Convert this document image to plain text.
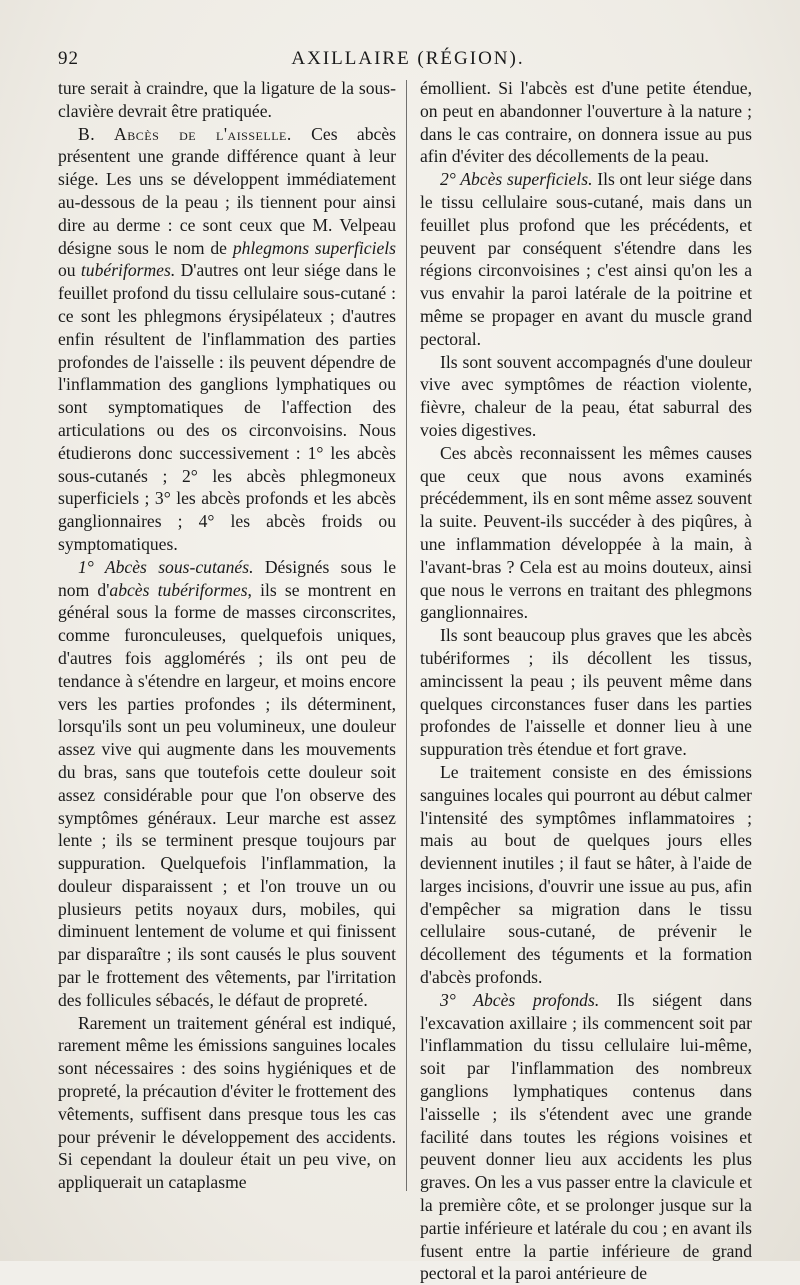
92	AXILLAIRE (RÉGION).

ture serait à craindre, que la ligature de la sous-clavière devrait être pratiquée.

B. Abcès de l'aisselle. Ces abcès présentent une grande différence quant à leur siége. Les uns se développent immédiatement au-dessous de la peau ; ils tiennent pour ainsi dire au derme : ce sont ceux que M. Velpeau désigne sous le nom de phlegmons superficiels ou tubériformes. D'autres ont leur siége dans le feuillet profond du tissu cellulaire sous-cutané : ce sont les phlegmons érysipélateux ; d'autres enfin résultent de l'inflammation des parties profondes de l'aisselle : ils peuvent dépendre de l'inflammation des ganglions lymphatiques ou sont symptomatiques de l'affection des articulations ou des os circonvoisins. Nous étudierons donc successivement : 1° les abcès sous-cutanés ; 2° les abcès phlegmoneux superficiels ; 3° les abcès profonds et les abcès ganglionnaires ; 4° les abcès froids ou symptomatiques.

1° Abcès sous-cutanés. Désignés sous le nom d'abcès tubériformes, ils se montrent en général sous la forme de masses circonscrites, comme furonculeuses, quelquefois uniques, d'autres fois agglomérés ; ils ont peu de tendance à s'étendre en largeur, et moins encore vers les parties profondes ; ils déterminent, lorsqu'ils sont un peu volumineux, une douleur assez vive qui augmente dans les mouvements du bras, sans que toutefois cette douleur soit assez considérable pour que l'on observe des symptômes généraux. Leur marche est assez lente ; ils se terminent presque toujours par suppuration. Quelquefois l'inflammation, la douleur disparaissent ; et l'on trouve un ou plusieurs petits noyaux durs, mobiles, qui diminuent lentement de volume et qui finissent par disparaître ; ils sont causés le plus souvent par le frottement des vêtements, par l'irritation des follicules sébacés, le défaut de propreté.

Rarement un traitement général est indiqué, rarement même les émissions sanguines locales sont nécessaires : des soins hygiéniques et de propreté, la précaution d'éviter le frottement des vêtements, suffisent dans presque tous les cas pour prévenir le développement des accidents. Si cependant la douleur était un peu vive, on appliquerait un cataplasme

émollient. Si l'abcès est d'une petite étendue, on peut en abandonner l'ouverture à la nature ; dans le cas contraire, on donnera issue au pus afin d'éviter des décollements de la peau.

2° Abcès superficiels. Ils ont leur siége dans le tissu cellulaire sous-cutané, mais dans un feuillet plus profond que les précédents, et peuvent par conséquent s'étendre dans les régions circonvoisines ; c'est ainsi qu'on les a vus envahir la paroi latérale de la poitrine et même se propager en avant du muscle grand pectoral.

Ils sont souvent accompagnés d'une douleur vive avec symptômes de réaction violente, fièvre, chaleur de la peau, état saburral des voies digestives.

Ces abcès reconnaissent les mêmes causes que ceux que nous avons examinés précédemment, ils en sont même assez souvent la suite. Peuvent-ils succéder à des piqûres, à une inflammation développée à la main, à l'avant-bras ? Cela est au moins douteux, ainsi que nous le verrons en traitant des phlegmons ganglionnaires.

Ils sont beaucoup plus graves que les abcès tubériformes ; ils décollent les tissus, amincissent la peau ; ils peuvent même dans quelques circonstances fuser dans les parties profondes de l'aisselle et donner lieu à une suppuration très étendue et fort grave.

Le traitement consiste en des émissions sanguines locales qui pourront au début calmer l'intensité des symptômes inflammatoires ; mais au bout de quelques jours elles deviennent inutiles ; il faut se hâter, à l'aide de larges incisions, d'ouvrir une issue au pus, afin d'empêcher sa migration dans le tissu cellulaire sous-cutané, de prévenir le décollement des téguments et la formation d'abcès profonds.

3° Abcès profonds. Ils siégent dans l'excavation axillaire ; ils commencent soit par l'inflammation du tissu cellulaire lui-même, soit par l'inflammation des nombreux ganglions lymphatiques contenus dans l'aisselle ; ils s'étendent avec une grande facilité dans toutes les régions voisines et peuvent donner lieu aux accidents les plus graves. On les a vus passer entre la clavicule et la première côte, et se prolonger jusque sur la partie inférieure et latérale du cou ; en avant ils fusent entre la partie inférieure de grand pectoral et la paroi antérieure de
